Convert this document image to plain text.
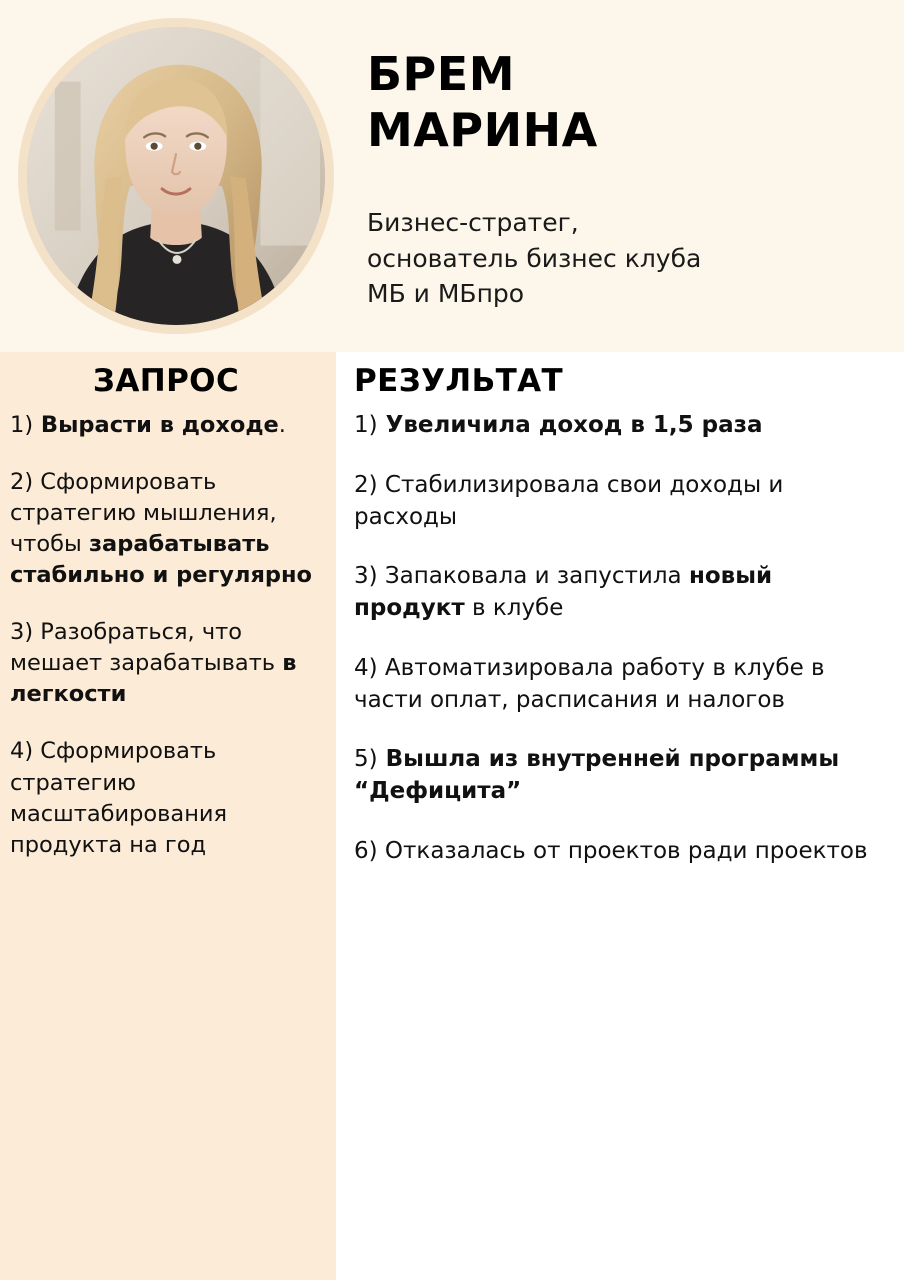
БРЕМ
МАРИНА
Бизнес-стратег,
основатель бизнес клуба
МБ и МБпро
ЗАПРОС
1) Вырасти в доходе.
2) Сформировать стратегию мышления, чтобы зарабатывать стабильно и регулярно
3) Разобраться, что мешает зарабатывать в легкости
4) Сформировать стратегию масштабирования продукта на год
РЕЗУЛЬТАТ
1) Увеличила доход в 1,5 раза
2) Стабилизировала свои доходы и расходы
3) Запаковала и запустила новый продукт в клубе
4) Автоматизировала работу в клубе в части оплат, расписания и налогов
5) Вышла из внутренней программы “Дефицита”
6) Отказалась от проектов ради проектов
